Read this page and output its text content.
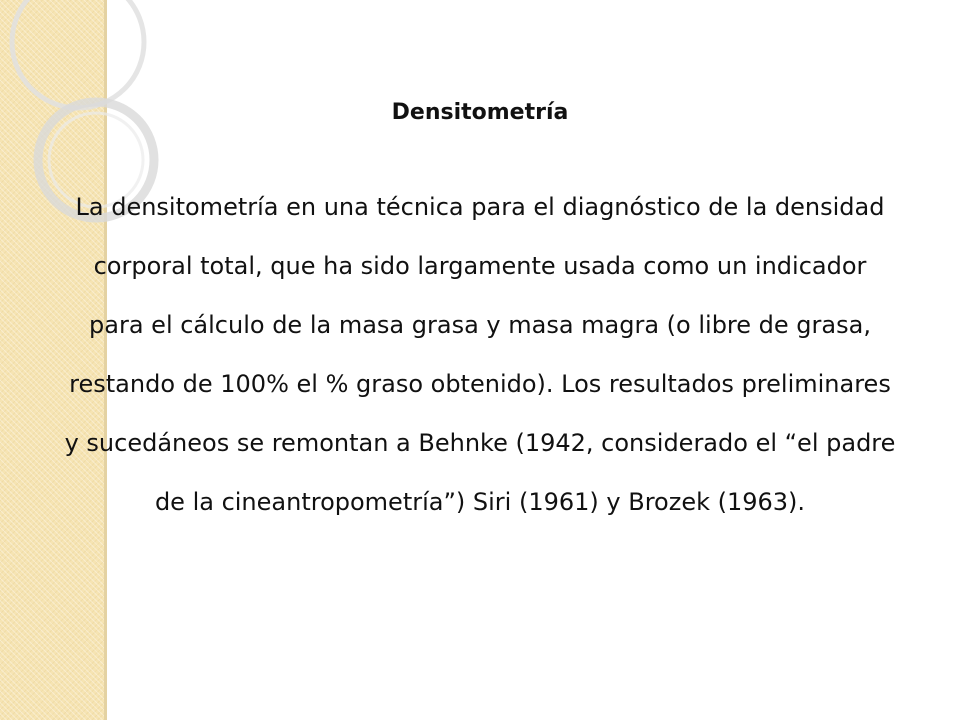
Densitometría

La densitometría en una técnica para el diagnóstico de la densidad
corporal total, que ha sido largamente usada como un indicador
para el cálculo de la masa grasa y masa magra (o libre de grasa,
restando de 100% el % graso obtenido). Los resultados preliminares
y sucedáneos se remontan a Behnke (1942, considerado el “el padre
de la cineantropometría”) Siri (1961) y Brozek (1963).
